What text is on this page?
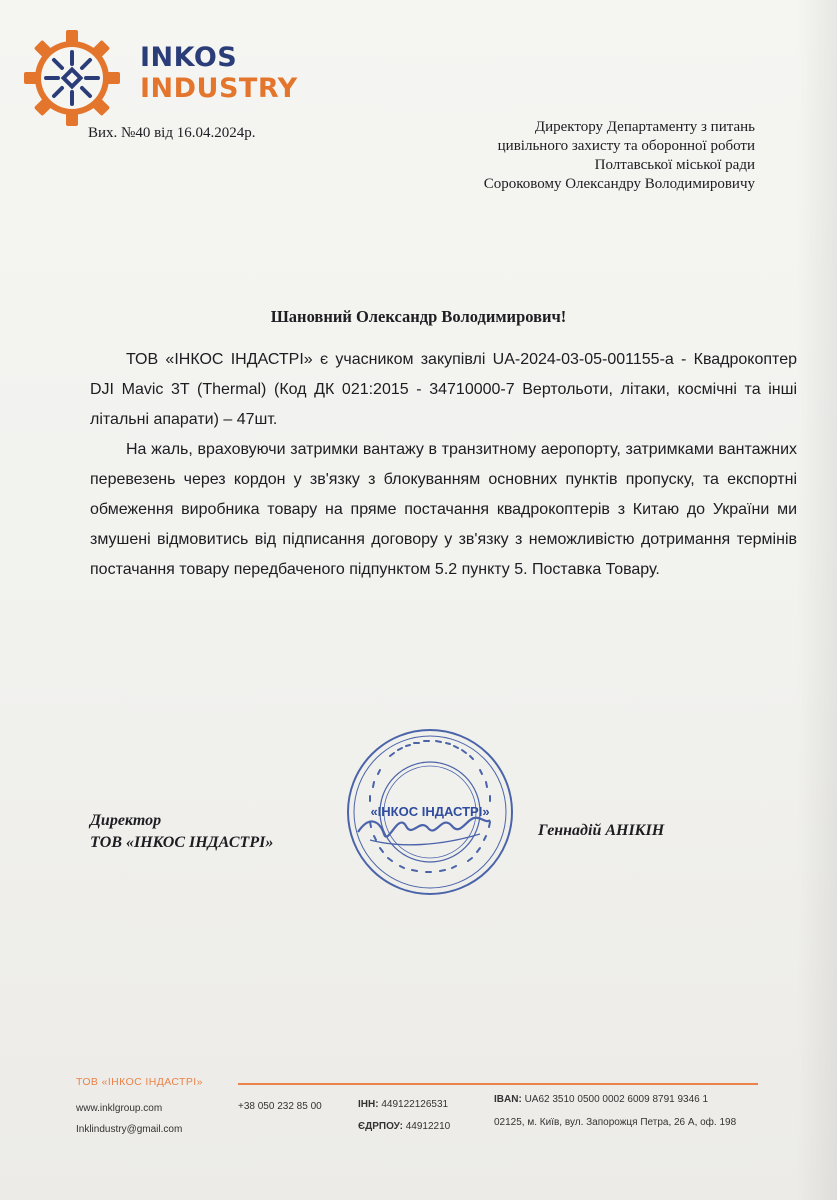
INKOS
INDUSTRY
Вих. №40 від 16.04.2024р.	Директору Департаменту з питань
цивільного захисту та оборонної роботи
Полтавської міської ради
Сороковому Олександру Володимировичу
Шановний Олександр Володимирович!

ТОВ «ІНКОС ІНДАСТРІ» є учасником закупівлі UA-2024-03-05-001155-a - Квадрокоптер DJI Mavic 3T (Thermal) (Код ДК 021:2015 - 34710000-7 Вертольоти, літаки, космічні та інші літальні апарати) – 47шт.

На жаль, враховуючи затримки вантажу в транзитному аеропорту, затримками вантажних перевезень через кордон у зв'язку з блокуванням основних пунктів пропуску, та експортні обмеження виробника товару на пряме постачання квадрокоптерів з Китаю до України ми змушені відмовитись від підписання договору у зв'язку з неможливістю дотримання термінів постачання товару передбаченого підпунктом 5.2 пункту 5. Поставка Товару.

Директор
ТОВ «ІНКОС ІНДАСТРІ»
«ІНКОС ІНДАСТРІ»
Геннадій АНІКІН
ТОВ «ІНКОС ІНДАСТРІ»
www.inklgroup.com
Inklindustry@gmail.com
+38 050 232 85 00	ІНН: 449122126531
ЄДРПОУ: 44912210
IBAN: UA62 3510 0500 0002 6009 8791 9346 1
02125, м. Київ, вул. Запорожця Петра, 26 А, оф. 198
